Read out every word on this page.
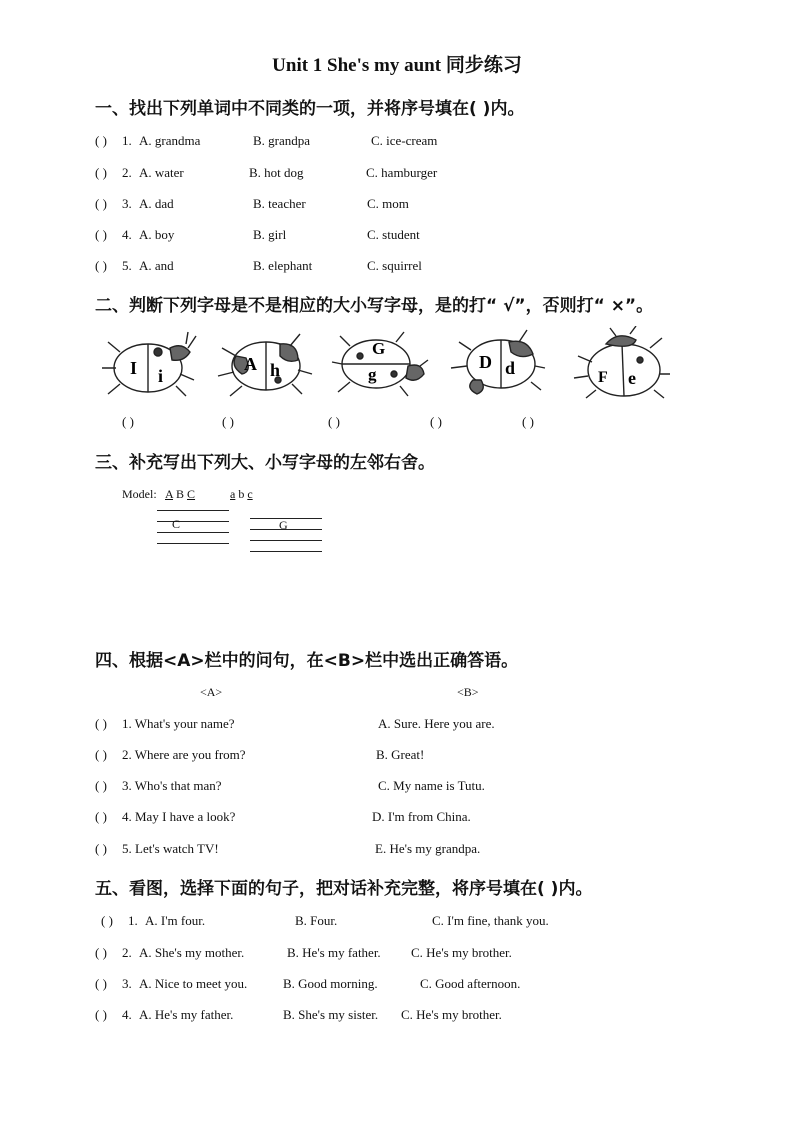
Unit 1 She's my aunt 同步练习
一、找出下列单词中不同类的一项，并将序号填在( )内。
( ) 1. A. grandma	B. grandpa	C. ice-cream
( ) 2. A. water	B. hot dog	C. hamburger
( ) 3. A. dad	B. teacher	C. mom
( ) 4. A. boy	B. girl	C. student
( ) 5. A. and	B. elephant	C. squirrel
二、判断下列字母是不是相应的大小写字母，是的打“ √”，否则打“ ×”。
I i
A h
G
g
D d	F e
( )	( )	( )	( )	( )
三、补充写出下列大、小写字母的左邻右舍。
Model: A B C	a b c
C	G
四、根据<A>栏中的问句，在<B>栏中选出正确答语。
<A>	<B>
( ) 1. What's your name?	A. Sure. Here you are.
( ) 2. Where are you from?	B. Great!
( ) 3. Who's that man?	C. My name is Tutu.
( ) 4. May I have a look?	D. I'm from China.
( ) 5. Let's watch TV!	E. He's my grandpa.
五、看图，选择下面的句子，把对话补充完整，将序号填在( )内。
( ) 1. A. I'm four.	B. Four.	C. I'm fine, thank you.
( ) 2. A. She's my mother.	B. He's my father. C. He's my brother.
( ) 3. A. Nice to meet you.	B. Good morning.	C. Good afternoon.
( ) 4. A. He's my father.	B. She's my sister. C. He's my brother.
